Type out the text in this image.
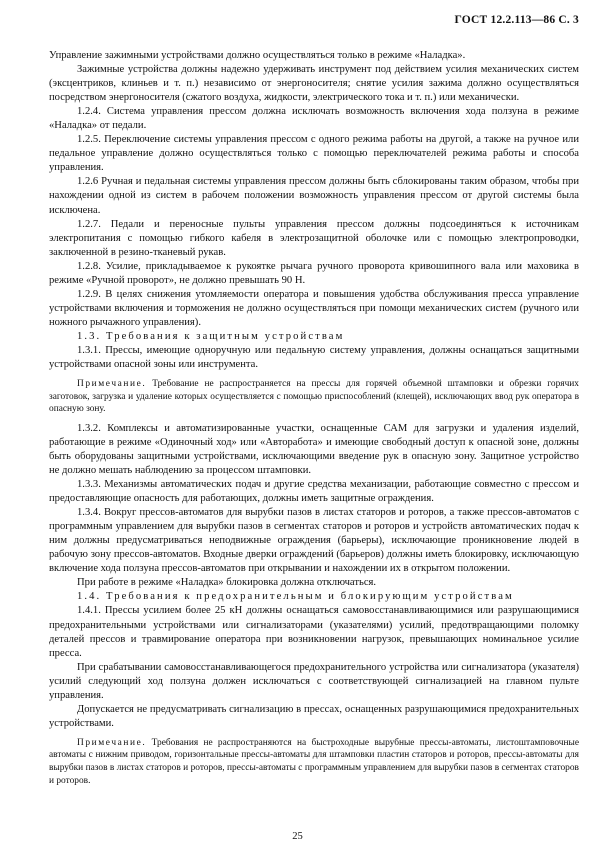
ГОСТ 12.2.113—86 С. 3

Управление зажимными устройствами должно осуществляться только в режиме «Наладка».

Зажимные устройства должны надежно удерживать инструмент под действием усилия механических систем (эксцентриков, клиньев и т. п.) независимо от энергоносителя; снятие усилия зажима должно осуществляться посредством энергоносителя (сжатого воздуха, жидкости, электрического тока и т. п.) или механически.

1.2.4. Система управления прессом должна исключать возможность включения хода ползуна в режиме «Наладка» от педали.

1.2.5. Переключение системы управления прессом с одного режима работы на другой, а также на ручное или педальное управление должно осуществляться только с помощью переключателей режима работы и способа управления.

1.2.6 Ручная и педальная системы управления прессом должны быть сблокированы таким образом, чтобы при нахождении одной из систем в рабочем положении возможность управления прессом от другой системы была исключена.

1.2.7. Педали и переносные пульты управления прессом должны подсоединяться к источникам электропитания с помощью гибкого кабеля в электрозащитной оболочке или с помощью электропроводки, заключенной в резино-тканевый рукав.

1.2.8. Усилие, прикладываемое к рукоятке рычага ручного проворота кривошипного вала или маховика в режиме «Ручной проворот», не должно превышать 90 Н.

1.2.9. В целях снижения утомляемости оператора и повышения удобства обслуживания пресса управление устройствами включения и торможения не должно осуществляться при помощи механических систем (ручного или ножного рычажного управления).

1.3. Требования к защитным устройствам

1.3.1. Прессы, имеющие одноручную или педальную систему управления, должны оснащаться защитными устройствами опасной зоны или инструмента.

Примечание. Требование не распространяется на прессы для горячей объемной штамповки и обрезки горячих заготовок, загрузка и удаление которых осуществляется с помощью приспособлений (клещей), исключающих ввод рук оператора в опасную зону.

1.3.2. Комплексы и автоматизированные участки, оснащенные САМ для загрузки и удаления изделий, работающие в режиме «Одиночный ход» или «Авторабота» и имеющие свободный доступ к опасной зоне, должны быть оборудованы защитными устройствами, исключающими введение рук в опасную зону. Защитное устройство не должно мешать наблюдению за процессом штамповки.

1.3.3. Механизмы автоматических подач и другие средства механизации, работающие совместно с прессом и предоставляющие опасность для работающих, должны иметь защитные ограждения.

1.3.4. Вокруг прессов-автоматов для вырубки пазов в листах статоров и роторов, а также прессов-автоматов с программным управлением для вырубки пазов в сегментах статоров и роторов и устройств автоматических подач к ним должны предусматриваться неподвижные ограждения (барьеры), исключающие проникновение людей в рабочую зону прессов-автоматов. Входные дверки ограждений (барьеров) должны иметь блокировку, исключающую включение хода ползуна прессов-автоматов при открывании и нахождении их в открытом положении.

При работе в режиме «Наладка» блокировка должна отключаться.

1.4. Требования к предохранительным и блокирующим устройствам

1.4.1. Прессы усилием более 25 кН должны оснащаться самовосстанавливающимися или разрушающимися предохранительными устройствами или сигнализаторами (указателями) усилий, предотвращающими поломку деталей прессов и травмирование оператора при возникновении нагрузок, превышающих номинальное усилие пресса.

При срабатывании самовосстанавливающегося предохранительного устройства или сигнализатора (указателя) усилий следующий ход ползуна должен исключаться с соответствующей сигнализацией на главном пульте управления.

Допускается не предусматривать сигнализацию в прессах, оснащенных разрушающимися предохранительных устройствами.

Примечание. Требования не распространяются на быстроходные вырубные прессы-автоматы, листоштамповочные автоматы с нижним приводом, горизонтальные прессы-автоматы для штамповки пластин статоров и роторов, прессы-автоматы для вырубки пазов в листах статоров и роторов, прессы-автоматы с программным управлением для вырубки пазов в сегментах статоров и роторов.

25
